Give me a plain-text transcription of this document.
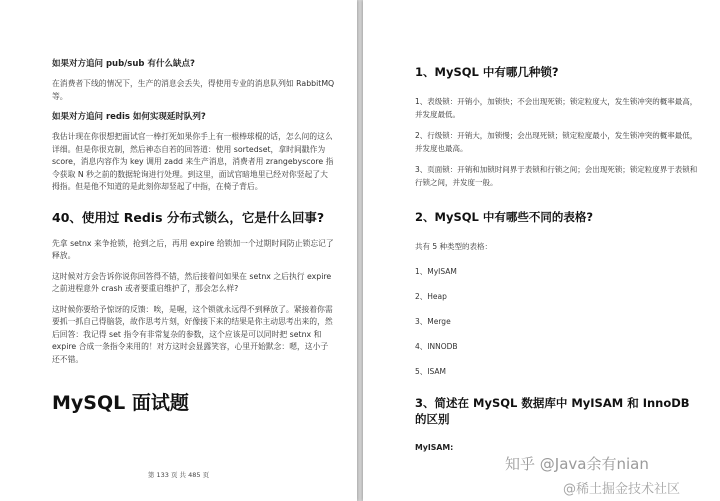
如果对方追问 pub/sub 有什么缺点?
在消费者下线的情况下，生产的消息会丢失，得使用专业的消息队列如 RabbitMQ 等。
如果对方追问 redis 如何实现延时队列?
我估计现在你很想把面试官一棒打死如果你手上有一根棒球棍的话，怎么问的这么详细。但是你很克制，然后神态自若的回答道：使用 sortedset，拿时间戳作为 score，消息内容作为 key 调用 zadd 来生产消息，消费者用 zrangebyscore 指令获取 N 秒之前的数据轮询进行处理。到这里，面试官暗地里已经对你竖起了大拇指。但是他不知道的是此刻你却竖起了中指，在椅子背后。
40、使用过 Redis 分布式锁么，它是什么回事?
先拿 setnx 来争抢锁，抢到之后，再用 expire 给锁加一个过期时间防止锁忘记了释放。
这时候对方会告诉你说你回答得不错，然后接着问如果在 setnx 之后执行 expire 之前进程意外 crash 或者要重启维护了，那会怎么样?
这时候你要给予惊讶的反馈：唉，是喔，这个锁就永远得不到释放了。紧接着你需要抓一抓自己得脑袋，故作思考片刻，好像接下来的结果是你主动思考出来的，然后回答：我记得 set 指令有非常复杂的参数，这个应该是可以同时把 setnx 和 expire 合成一条指令来用的！对方这时会显露笑容，心里开始默念：嗯，这小子还不错。
MySQL 面试题
第 133 页 共 485 页
1、MySQL 中有哪几种锁?
1、表级锁：开销小，加锁快；不会出现死锁；锁定粒度大，发生锁冲突的概率最高，并发度最低。
2、行级锁：开销大，加锁慢；会出现死锁；锁定粒度最小，发生锁冲突的概率最低，并发度也最高。
3、页面锁：开销和加锁时间界于表锁和行锁之间；会出现死锁；锁定粒度界于表锁和行锁之间，并发度一般。
2、MySQL 中有哪些不同的表格?
共有 5 种类型的表格：
1、MyISAM
2、Heap
3、Merge
4、INNODB
5、ISAM
3、简述在 MySQL 数据库中 MyISAM 和 InnoDB 的区别
MyISAM:
知乎 @Java余有nian
@稀土掘金技术社区
